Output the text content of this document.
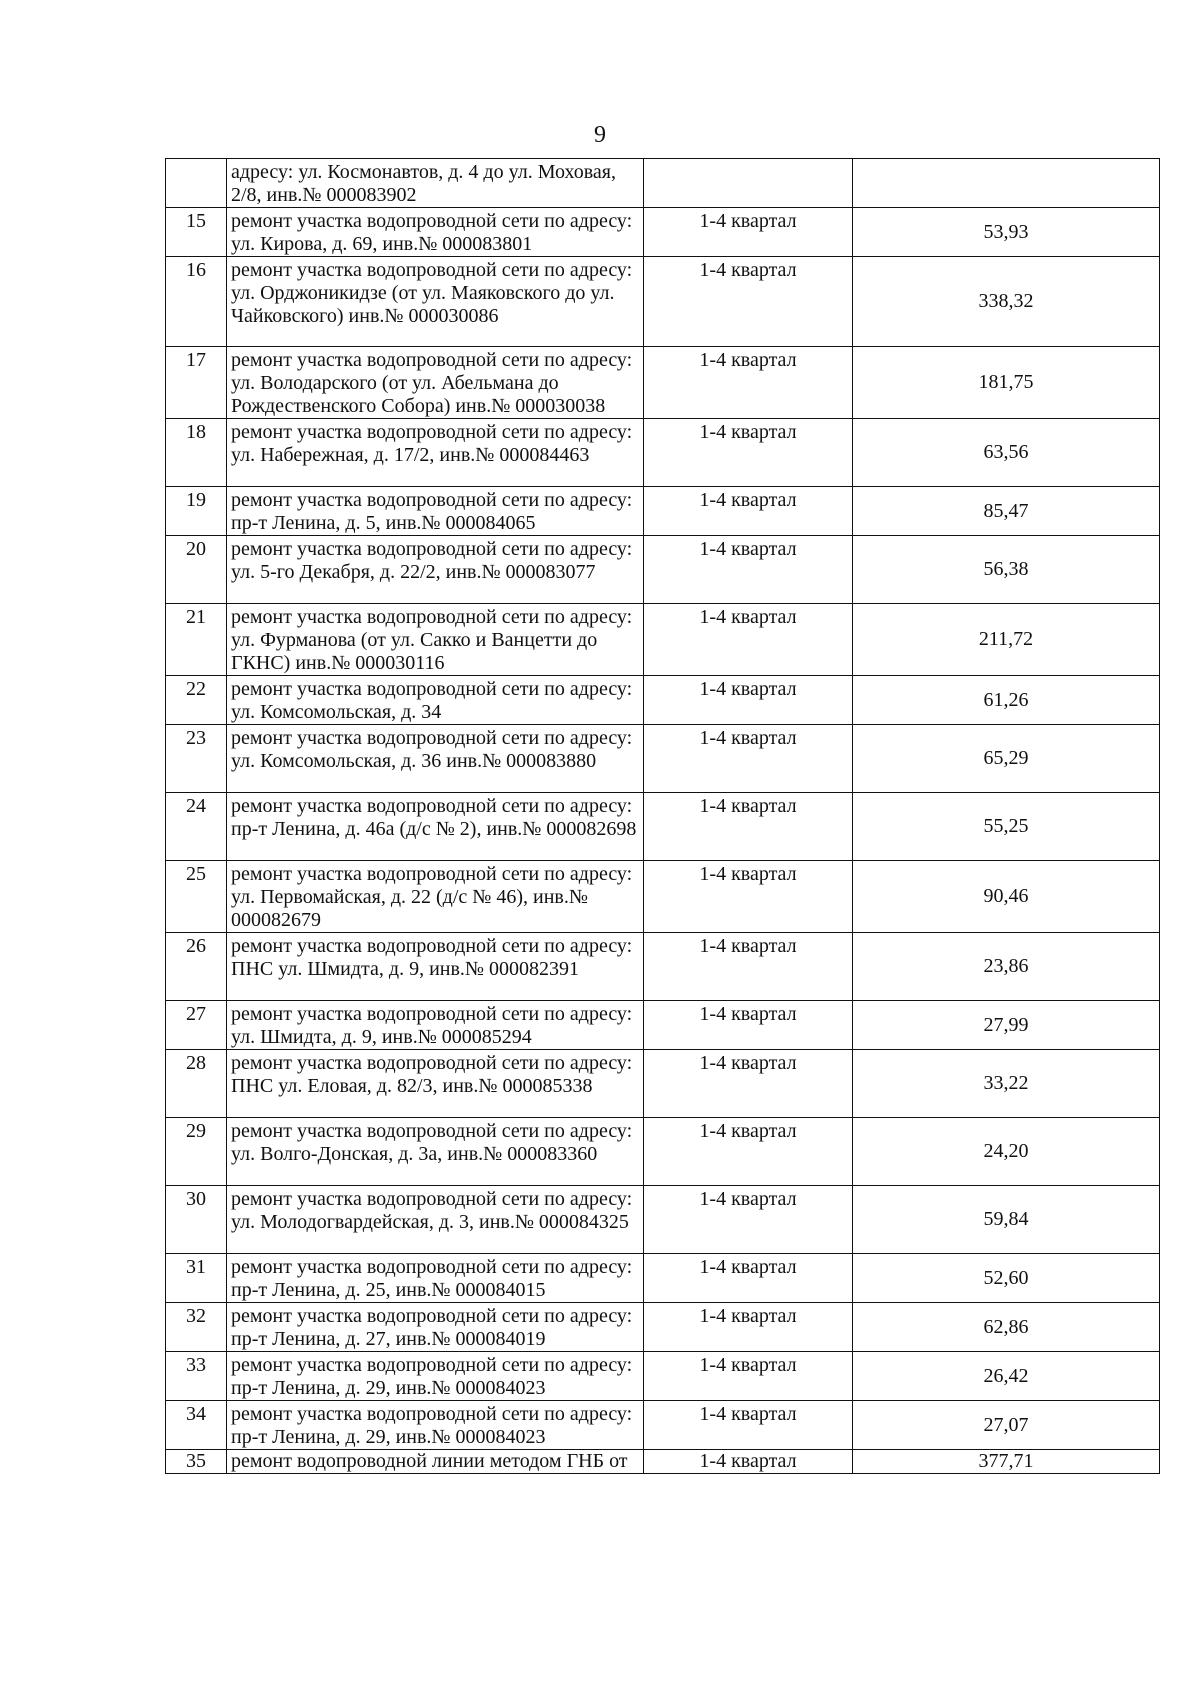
9
	адресу: ул. Космонавтов, д. 4 до ул. Моховая, 2/8, инв.№ 000083902		
15	ремонт участка водопроводной сети по адресу: ул. Кирова, д. 69, инв.№ 000083801	1-4 квартал	53,93
16	ремонт участка водопроводной сети по адресу: ул. Орджоникидзе (от ул. Маяковского до ул. Чайковского) инв.№ 000030086	1-4 квартал	338,32
17	ремонт участка водопроводной сети по адресу: ул. Володарского (от ул. Абельмана до Рождественского Собора) инв.№ 000030038	1-4 квартал	181,75
18	ремонт участка водопроводной сети по адресу: ул. Набережная, д. 17/2, инв.№ 000084463	1-4 квартал	63,56
19	ремонт участка водопроводной сети по адресу: пр-т Ленина, д. 5, инв.№ 000084065	1-4 квартал	85,47
20	ремонт участка водопроводной сети по адресу: ул. 5-го Декабря, д. 22/2, инв.№ 000083077	1-4 квартал	56,38
21	ремонт участка водопроводной сети по адресу: ул. Фурманова (от ул. Сакко и Ванцетти до ГКНС) инв.№ 000030116	1-4 квартал	211,72
22	ремонт участка водопроводной сети по адресу: ул. Комсомольская, д. 34	1-4 квартал	61,26
23	ремонт участка водопроводной сети по адресу: ул. Комсомольская, д. 36 инв.№ 000083880	1-4 квартал	65,29
24	ремонт участка водопроводной сети по адресу: пр-т Ленина, д. 46а (д/с № 2), инв.№ 000082698	1-4 квартал	55,25
25	ремонт участка водопроводной сети по адресу: ул. Первомайская, д. 22 (д/с № 46), инв.№ 000082679	1-4 квартал	90,46
26	ремонт участка водопроводной сети по адресу: ПНС ул. Шмидта, д. 9, инв.№ 000082391	1-4 квартал	23,86
27	ремонт участка водопроводной сети по адресу: ул. Шмидта, д. 9, инв.№ 000085294	1-4 квартал	27,99
28	ремонт участка водопроводной сети по адресу: ПНС ул. Еловая, д. 82/3, инв.№ 000085338	1-4 квартал	33,22
29	ремонт участка водопроводной сети по адресу: ул. Волго-Донская, д. 3а, инв.№ 000083360	1-4 квартал	24,20
30	ремонт участка водопроводной сети по адресу: ул. Молодогвардейская, д. 3, инв.№ 000084325	1-4 квартал	59,84
31	ремонт участка водопроводной сети по адресу: пр-т Ленина, д. 25, инв.№ 000084015	1-4 квартал	52,60
32	ремонт участка водопроводной сети по адресу: пр-т Ленина, д. 27, инв.№ 000084019	1-4 квартал	62,86
33	ремонт участка водопроводной сети по адресу: пр-т Ленина, д. 29, инв.№ 000084023	1-4 квартал	26,42
34	ремонт участка водопроводной сети по адресу: пр-т Ленина, д. 29, инв.№ 000084023	1-4 квартал	27,07
35	ремонт водопроводной линии методом ГНБ от	1-4 квартал	377,71
